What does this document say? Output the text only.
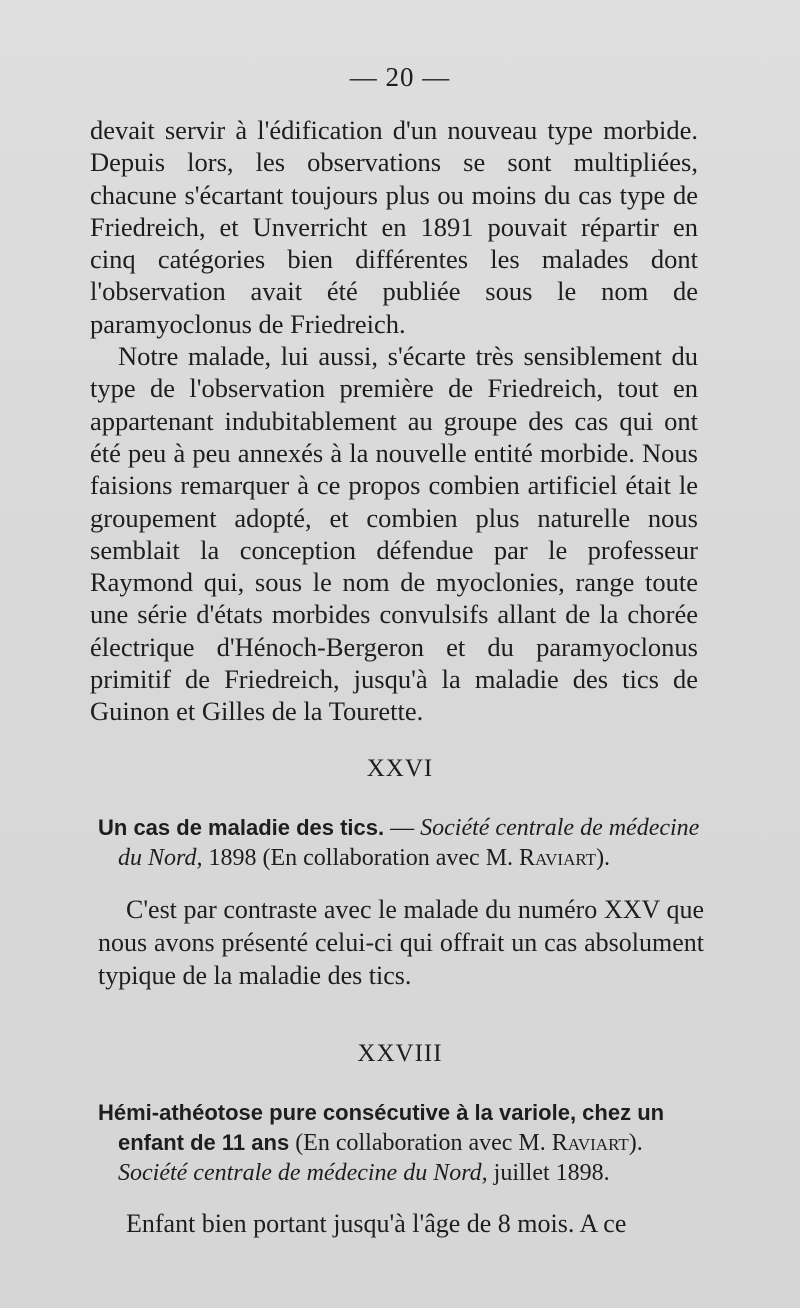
— 20 —

devait servir à l'édification d'un nouveau type morbide. Depuis lors, les observations se sont multipliées, chacune s'écartant toujours plus ou moins du cas type de Friedreich, et Unverricht en 1891 pouvait répartir en cinq catégories bien différentes les malades dont l'observation avait été publiée sous le nom de paramyoclonus de Friedreich.

Notre malade, lui aussi, s'écarte très sensiblement du type de l'observation première de Friedreich, tout en appartenant indubitablement au groupe des cas qui ont été peu à peu annexés à la nouvelle entité morbide. Nous faisions remarquer à ce propos combien artificiel était le groupement adopté, et combien plus naturelle nous semblait la conception défendue par le professeur Raymond qui, sous le nom de myoclonies, range toute une série d'états morbides convulsifs allant de la chorée électrique d'Hénoch-Bergeron et du paramyoclonus primitif de Friedreich, jusqu'à la maladie des tics de Guinon et Gilles de la Tourette.

XXVI

Un cas de maladie des tics. — Société centrale de médecine du Nord, 1898 (En collaboration avec M. Raviart).

C'est par contraste avec le malade du numéro XXV que nous avons présenté celui-ci qui offrait un cas absolument typique de la maladie des tics.

XXVIII

Hémi-athéotose pure consécutive à la variole, chez un enfant de 11 ans (En collaboration avec M. Raviart). Société centrale de médecine du Nord, juillet 1898.

Enfant bien portant jusqu'à l'âge de 8 mois. A ce
